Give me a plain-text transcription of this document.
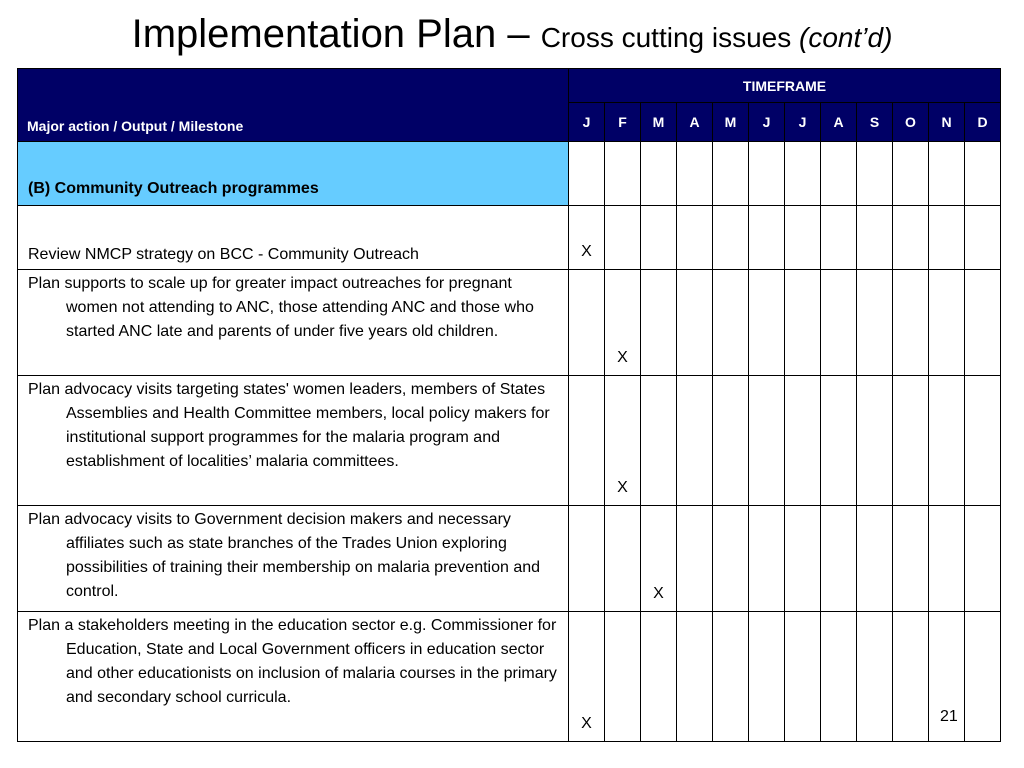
Implementation Plan – Cross cutting issues (cont’d)
Major action / Output / Milestone	TIMEFRAME											
	J	F	M	A	M	J	J	A	S	O	N	D
(B) Community Outreach programmes												

Review NMCP strategy on BCC - Community Outreach	X											

Plan supports to scale up for greater impact outreaches for pregnant women not attending to ANC, those attending ANC and those who started ANC late and parents of under five years old children.		X										

Plan advocacy visits targeting states' women leaders, members of States Assemblies and Health Committee members, local policy makers for institutional support programmes for the malaria program and establishment of localities’ malaria committees.		X										

Plan advocacy visits to Government decision makers and necessary affiliates such as state branches of the Trades Union exploring possibilities of training their membership on malaria prevention and control.			X									

Plan a stakeholders meeting in the education sector e.g. Commissioner for Education, State and Local Government officers in education sector and other educationists on inclusion of malaria courses in the primary and secondary school curricula.	X												21
